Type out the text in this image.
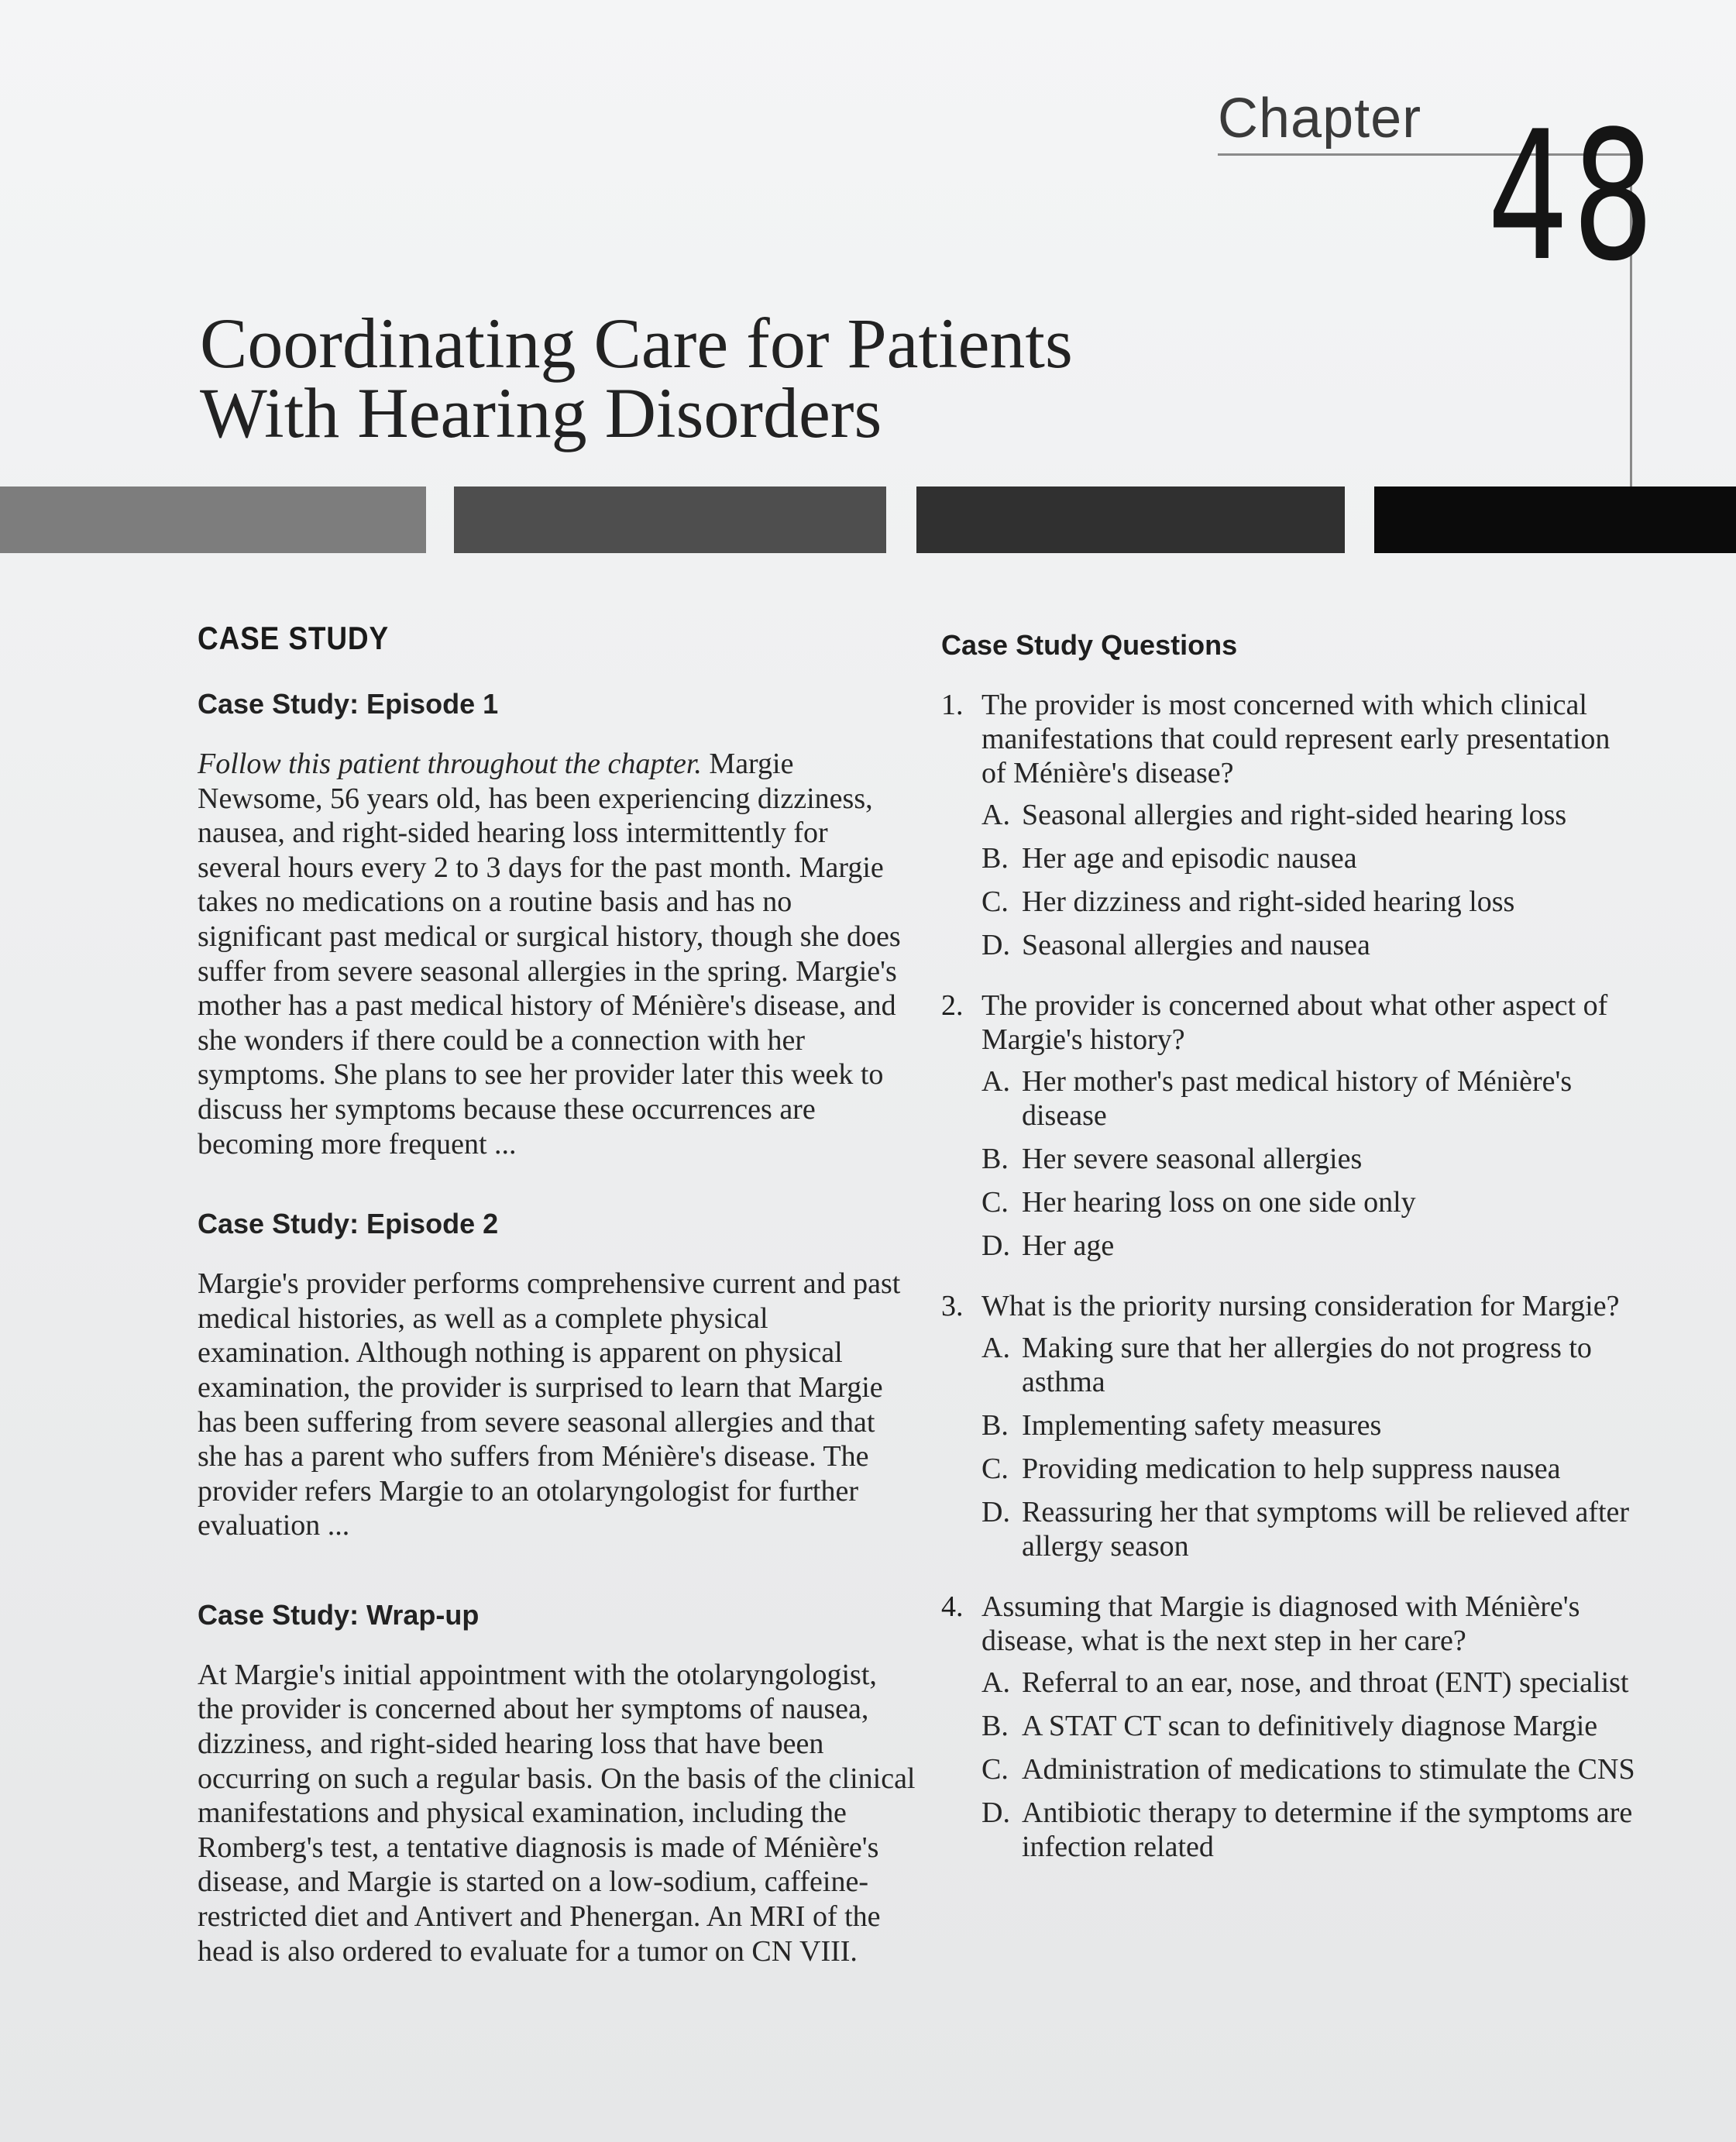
Chapter 48
Coordinating Care for Patients
With Hearing Disorders
CASE STUDY
Case Study: Episode 1

Follow this patient throughout the chapter. Margie Newsome, 56 years old, has been experiencing dizziness, nausea, and right-sided hearing loss intermittently for several hours every 2 to 3 days for the past month. Margie takes no medications on a routine basis and has no significant past medical or surgical history, though she does suffer from severe seasonal allergies in the spring. Margie's mother has a past medical history of Ménière's disease, and she wonders if there could be a connection with her symptoms. She plans to see her provider later this week to discuss her symptoms because these occurrences are becoming more frequent ...

Case Study: Episode 2

Margie's provider performs comprehensive current and past medical histories, as well as a complete physical examination. Although nothing is apparent on physical examination, the provider is surprised to learn that Margie has been suffering from severe seasonal allergies and that she has a parent who suffers from Ménière's disease. The provider refers Margie to an otolaryngologist for further evaluation ...

Case Study: Wrap-up

At Margie's initial appointment with the otolaryngologist, the provider is concerned about her symptoms of nausea, dizziness, and right-sided hearing loss that have been occurring on such a regular basis. On the basis of the clinical manifestations and physical examination, including the Romberg's test, a tentative diagnosis is made of Ménière's disease, and Margie is started on a low-sodium, caffeine-restricted diet and Antivert and Phenergan. An MRI of the head is also ordered to evaluate for a tumor on CN VIII.

Case Study Questions
1. The provider is most concerned with which clinical manifestations that could represent early presentation of Ménière's disease?

A. Seasonal allergies and right-sided hearing loss
B. Her age and episodic nausea
C. Her dizziness and right-sided hearing loss
D. Seasonal allergies and nausea
2. The provider is concerned about what other aspect of Margie's history?

A. Her mother's past medical history of Ménière's disease
B. Her severe seasonal allergies
C. Her hearing loss on one side only
D. Her age
3. What is the priority nursing consideration for Margie?

A. Making sure that her allergies do not progress to asthma
B. Implementing safety measures
C. Providing medication to help suppress nausea
D. Reassuring her that symptoms will be relieved after allergy season
4. Assuming that Margie is diagnosed with Ménière's disease, what is the next step in her care?

A. Referral to an ear, nose, and throat (ENT) specialist
B. A STAT CT scan to definitively diagnose Margie
C. Administration of medications to stimulate the CNS
D. Antibiotic therapy to determine if the symptoms are infection related
